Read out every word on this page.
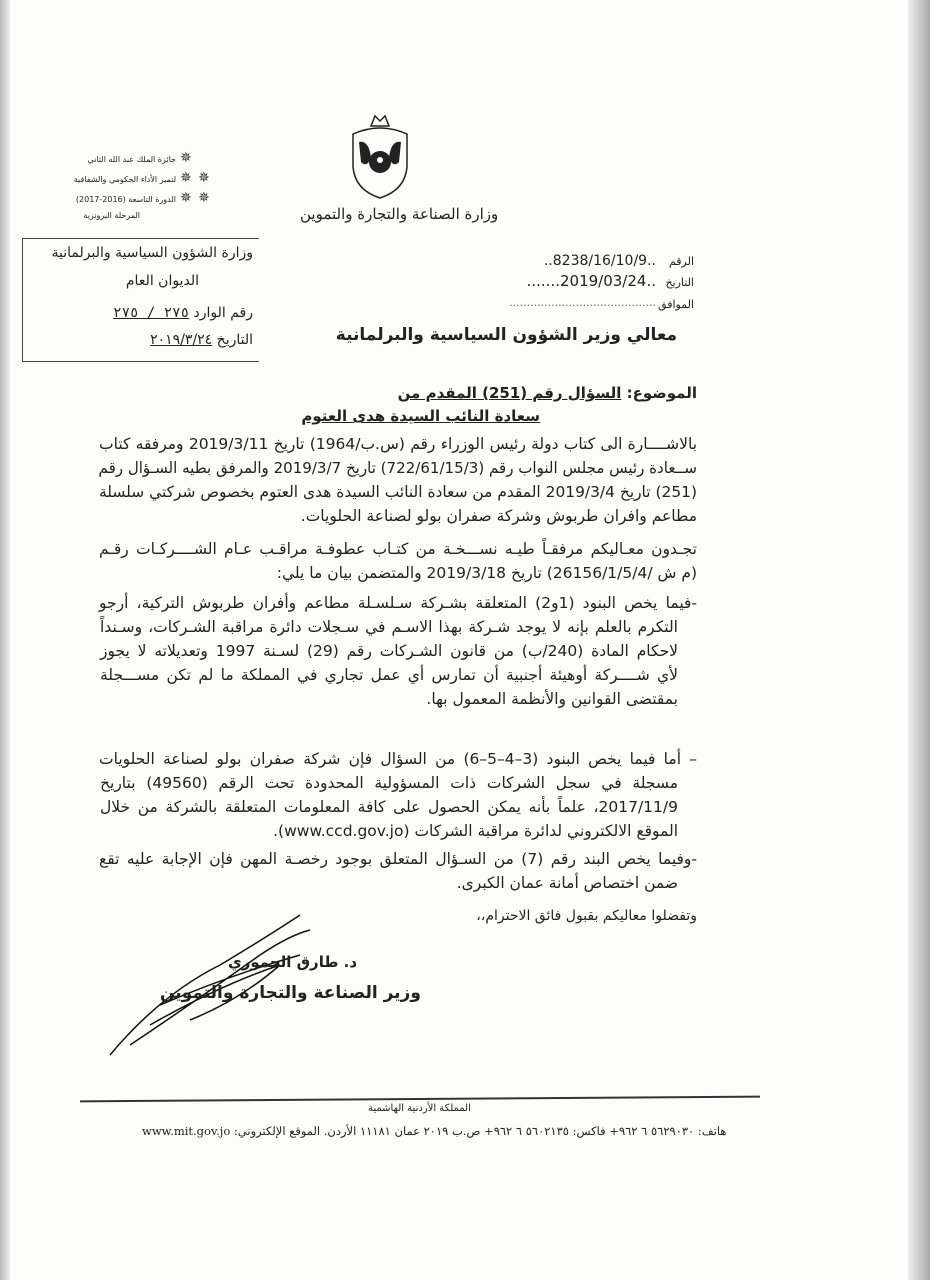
✵
✵
✵
✵
✵
جائزة الملك عبد الله الثاني
لتميز الأداء الحكومي والشفافية
الدورة التاسعة (2016-2017)
المرحلة البرونزية
وزارة الشؤون السياسية والبرلمانية
الديوان العام
رقم الوارد ٢٧٥ / ٢٧٥
التاريخ ٢٠١٩/٣/٢٤
وزارة الصناعة والتجارة والتموين
الرقم
..8238/16/10/9..
التاريخ
.......2019/03/24..
الموافق
..........................................
معالي وزير الشؤون السياسية والبرلمانية
الموضوع: السؤال رقم (251) المقدم من
سعادة النائب السيدة هدى العتوم
بالاشــــارة الى كتاب دولة رئيس الوزراء رقم (س.ب/1964) تاريخ 2019/3/11 ومرفقه كتاب
ســعادة رئيس مجلس النواب رقم (722/61/15/3) تاريخ 2019/3/7 والمرفق بطيه السـؤال رقم
(251) تاريخ 2019/3/4 المقدم من سعادة النائب السيدة هدى العتوم بخصوص شركتي سلسلة
مطاعم وافران طربوش وشركة صفران بولو لصناعة الحلويات.
تجـدون معـاليكم مرفقـاً طيـه نســـخـة من كتـاب عطوفـة مراقـب عـام الشــــركـات رقـم
(م ش /26156/1/5/4) تاريخ 2019/3/18 والمتضمن بيان ما يلي:
-فيما يخص البنود (1و2) المتعلقة بشـركة سـلسـلة مطاعم وأفران طربوش التركية، أرجو
التكرم بالعلم بإنه لا يوجد شـركة بهذا الاسـم في سـجلات دائرة مراقبة الشـركات، وسـنداً
لاحكام المادة (240/ب) من قانون الشـركات رقم (29) لسـنة 1997 وتعديلاته لا يجوز
لأي شــــركة أوهيئة أجنبية أن تمارس أي عمل تجاري في المملكة ما لم تكن مســـجلة
بمقتضى القوانين والأنظمة المعمول بها.
– أما فيما يخص البنود (3–4–5–6) من السؤال فإن شركة صفران بولو لصناعة الحلويات
مسجلة في سجل الشركات ذات المسؤولية المحدودة تحت الرقم (49560) بتاريخ
2017/11/9، علماً بأنه يمكن الحصول على كافة المعلومات المتعلقة بالشركة من خلال
الموقع الالكتروني لدائرة مراقبة الشركات (www.ccd.gov.jo).
-وفيما يخص البند رقم (7) من السـؤال المتعلق بوجود رخصـة المهن فإن الإجابة عليه تقع
ضمن اختصاص أمانة عمان الكبرى.
وتفضلوا معاليكم بقبول فائق الاحترام،،
د. طارق الحموري
وزير الصناعة والتجارة والتموين
المملكة الأردنية الهاشمية
هاتف: ٥٦٢٩٠٣٠ ٦ ٩٦٢+ فاكس: ٥٦٠٢١٣٥ ٦ ٩٦٢+ ص.ب ٢٠١٩ عمان ١١١٨١ الأردن. الموقع الإلكتروني: www.mit.gov.jo
